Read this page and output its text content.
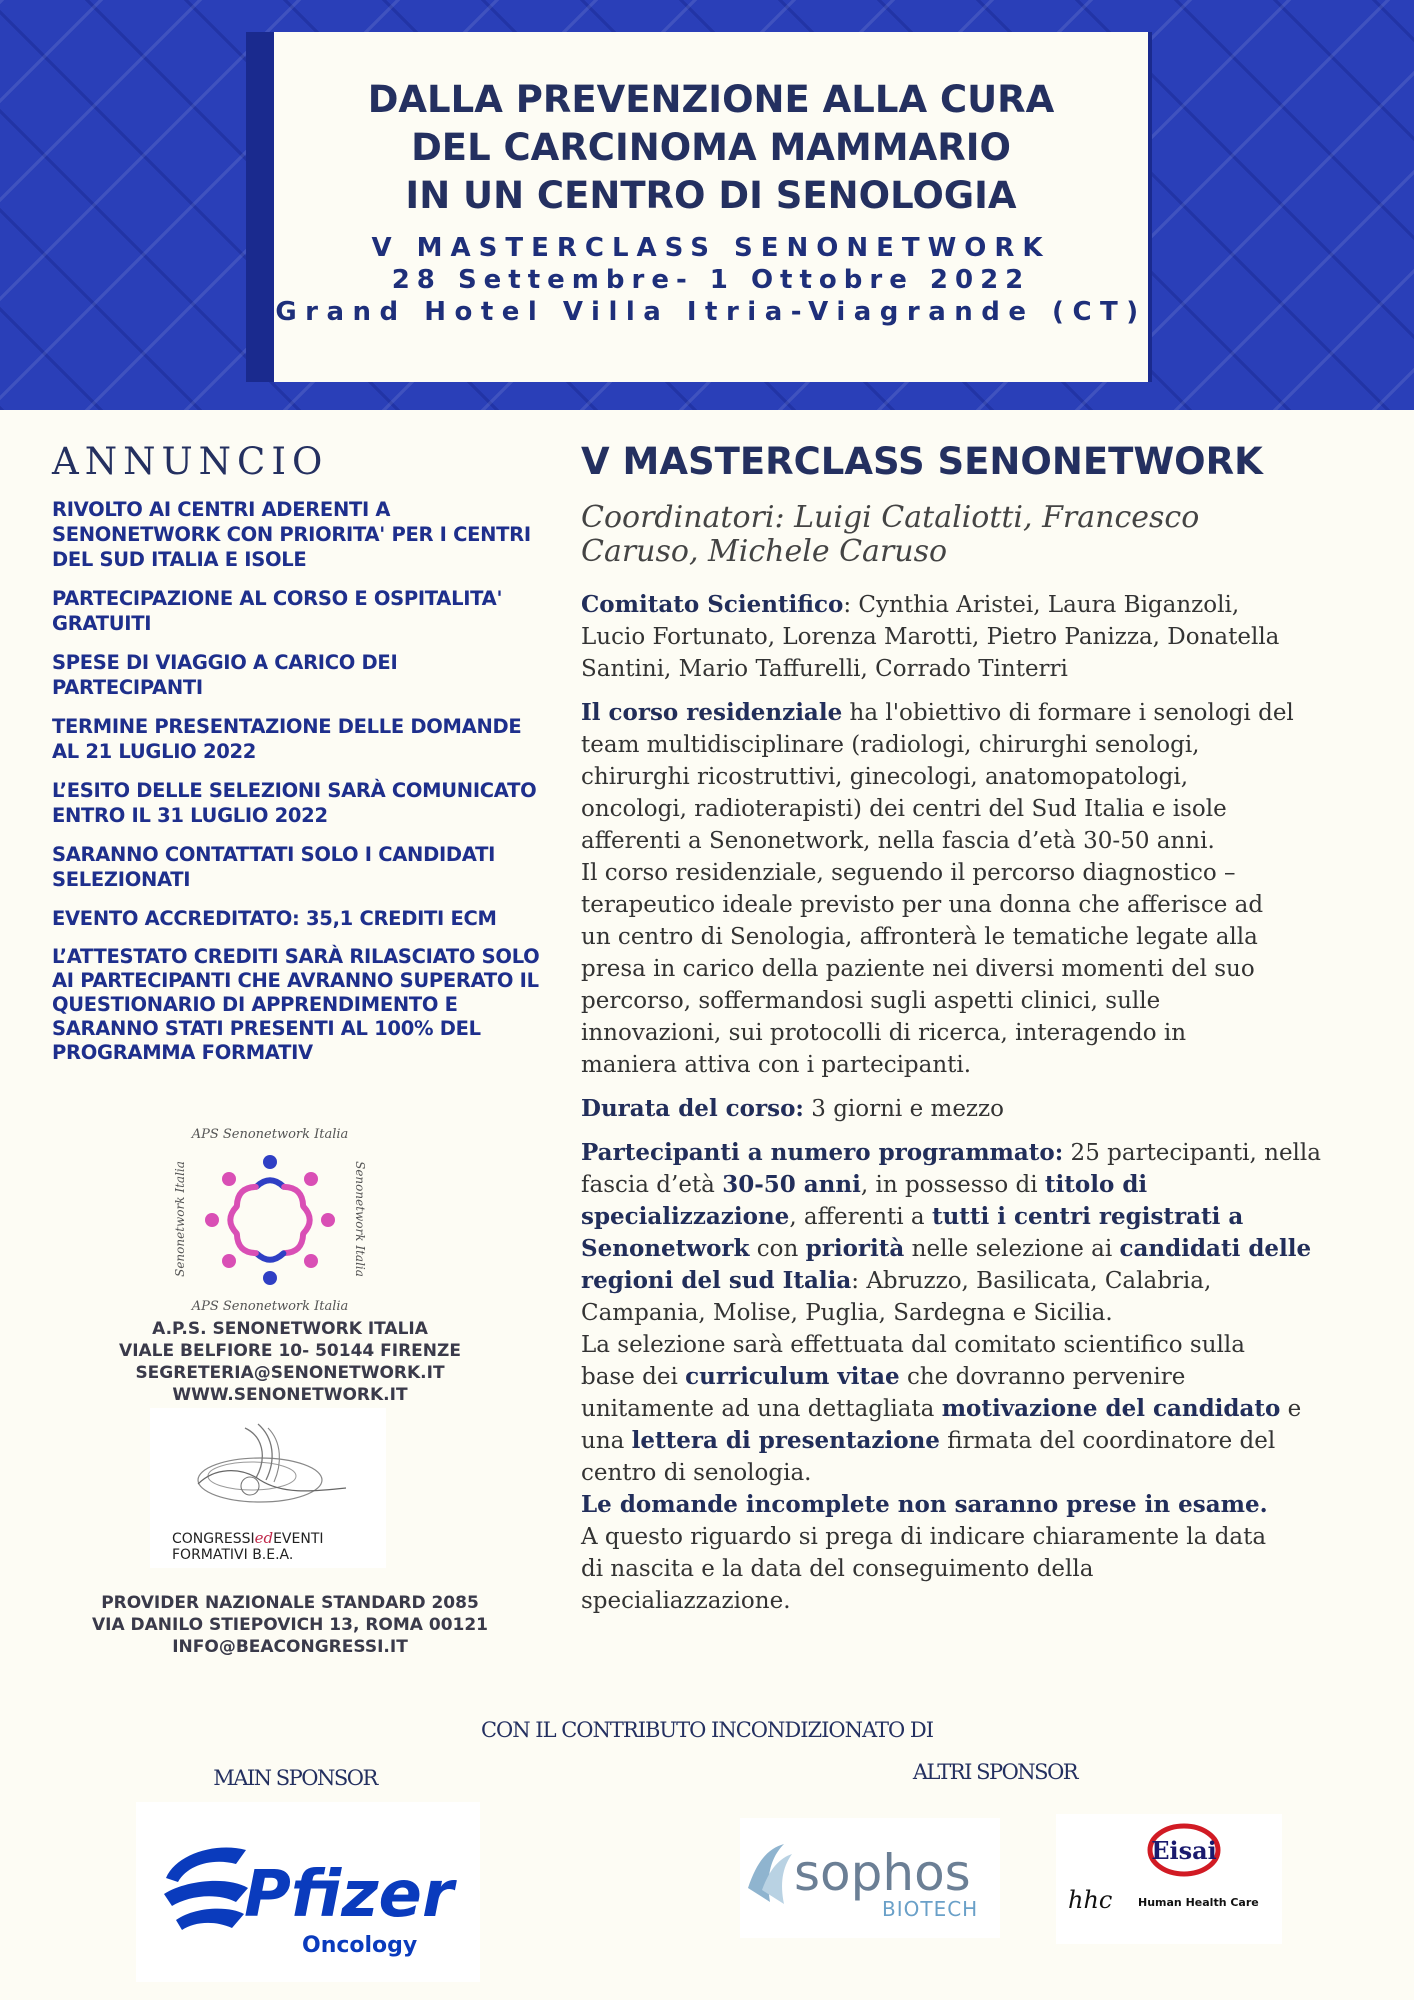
DALLA PREVENZIONE ALLA CURA
DEL CARCINOMA MAMMARIO
IN UN CENTRO DI SENOLOGIA
V MASTERCLASS SENONETWORK
28 Settembre- 1 Ottobre 2022
Grand Hotel Villa Itria-Viagrande (CT)
ANNUNCIO
RIVOLTO AI CENTRI ADERENTI A SENONETWORK CON PRIORITA' PER I CENTRI DEL SUD ITALIA E ISOLE
PARTECIPAZIONE AL CORSO E OSPITALITA' GRATUITI
SPESE DI VIAGGIO A CARICO DEI PARTECIPANTI
TERMINE PRESENTAZIONE DELLE DOMANDE AL 21 LUGLIO 2022
L’ESITO DELLE SELEZIONI SARÀ COMUNICATO ENTRO IL 31 LUGLIO 2022
SARANNO CONTATTATI SOLO I CANDIDATI SELEZIONATI
EVENTO ACCREDITATO: 35,1 CREDITI ECM
L’ATTESTATO CREDITI SARÀ RILASCIATO SOLO AI PARTECIPANTI CHE AVRANNO SUPERATO IL QUESTIONARIO DI APPRENDIMENTO E SARANNO STATI PRESENTI AL 100% DEL PROGRAMMA FORMATIV
APS Senonetwork Italia
APS Senonetwork Italia
Senonetwork Italia	Senonetwork Italia
A.P.S. SENONETWORK ITALIA
VIALE BELFIORE 10- 50144 FIRENZE
SEGRETERIA@SENONETWORK.IT
WWW.SENONETWORK.IT
CONGRESSIedEVENTI
FORMATIVI B.E.A.
PROVIDER NAZIONALE STANDARD 2085
VIA DANILO STIEPOVICH 13, ROMA 00121
INFO@BEACONGRESSI.IT
V MASTERCLASS SENONETWORK
Coordinatori: Luigi Cataliotti, Francesco
Caruso, Michele Caruso
Comitato Scientifico: Cynthia Aristei, Laura Biganzoli,
Lucio Fortunato, Lorenza Marotti, Pietro Panizza, Donatella
Santini, Mario Taffurelli, Corrado Tinterri
Il corso residenziale ha l'obiettivo di formare i senologi del
team multidisciplinare (radiologi, chirurghi senologi,
chirurghi ricostruttivi, ginecologi, anatomopatologi,
oncologi, radioterapisti) dei centri del Sud Italia e isole
afferenti a Senonetwork, nella fascia d’età 30-50 anni.
Il corso residenziale, seguendo il percorso diagnostico –
terapeutico ideale previsto per una donna che afferisce ad
un centro di Senologia, affronterà le tematiche legate alla
presa in carico della paziente nei diversi momenti del suo
percorso, soffermandosi sugli aspetti clinici, sulle
innovazioni, sui protocolli di ricerca, interagendo in
maniera attiva con i partecipanti.
Durata del corso: 3 giorni e mezzo
Partecipanti a numero programmato: 25 partecipanti, nella
fascia d’età 30-50 anni, in possesso di titolo di
specializzazione, afferenti a tutti i centri registrati a
Senonetwork con priorità nelle selezione ai candidati delle
regioni del sud Italia: Abruzzo, Basilicata, Calabria,
Campania, Molise, Puglia, Sardegna e Sicilia.
La selezione sarà effettuata dal comitato scientifico sulla
base dei curriculum vitae che dovranno pervenire
unitamente ad una dettagliata motivazione del candidato e
una lettera di presentazione firmata del coordinatore del
centro di senologia.
Le domande incomplete non saranno prese in esame.
A questo riguardo si prega di indicare chiaramente la data
di nascita e la data del conseguimento della
specialiazzazione.
CON IL CONTRIBUTO INCONDIZIONATO DI
MAIN SPONSOR	ALTRI SPONSOR
Pfizer
Oncology
sophos
BIOTECH
Eisai
hhc Human Health Care
